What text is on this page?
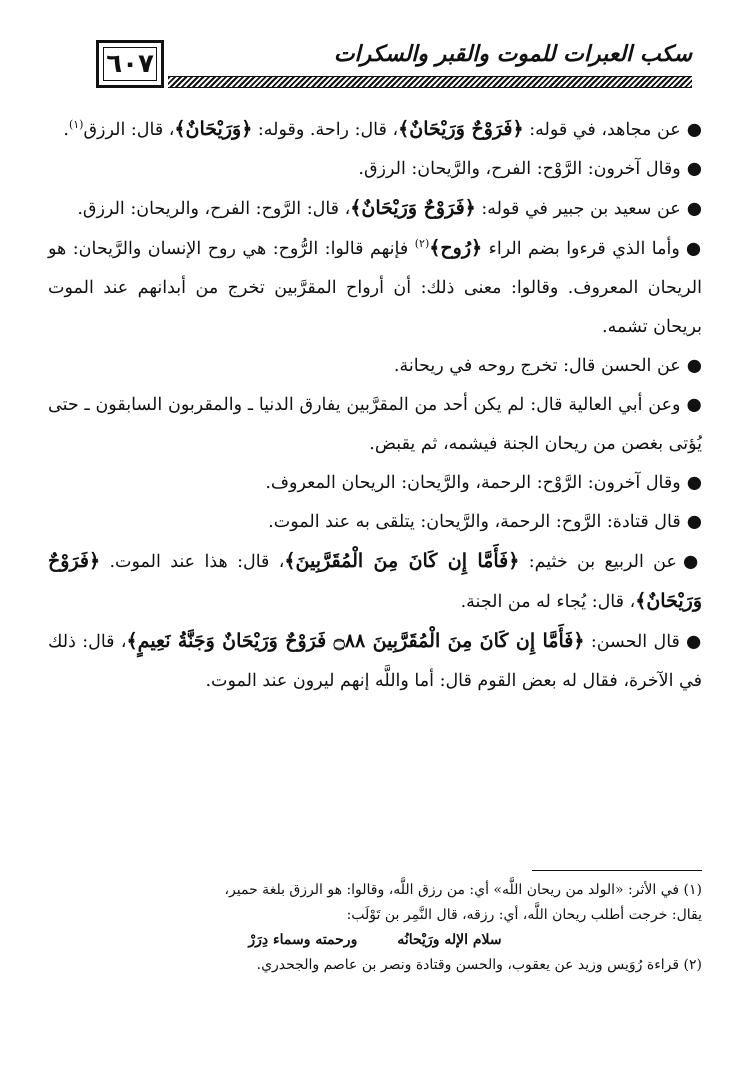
٦٠٧	سكب العبرات للموت والقبر والسكرات

●عن مجاهد، في قوله: ﴿فَرَوْحٌ وَرَيْحَانٌ﴾، قال: راحة. وقوله: ﴿وَرَيْحَانٌ﴾، قال: الرزق$^{(١)}$.

●وقال آخرون: الرَّوْح: الفرح، والرَّيحان: الرزق.

●عن سعيد بن جبير في قوله: ﴿فَرَوْحٌ وَرَيْحَانٌ﴾، قال: الرَّوح: الفرح، والريحان: الرزق.

●وأما الذي قرءوا بضم الراء ﴿رُوح﴾$^{(٢)}$ فإنهم قالوا: الرُّوح: هي روح الإنسان والرَّيحان: هو الريحان المعروف. وقالوا: معنى ذلك: أن أرواح المقرَّبين تخرج من أبدانهم عند الموت بريحان تشمه.

●عن الحسن قال: تخرج روحه في ريحانة.

●وعن أبي العالية قال: لم يكن أحد من المقرَّبين يفارق الدنيا ـ والمقربون السابقون ـ حتى يُؤتى بغصن من ريحان الجنة فيشمه، ثم يقبض.

●وقال آخرون: الرَّوْح: الرحمة، والرَّيحان: الريحان المعروف.

●قال قتادة: الرَّوح: الرحمة، والرَّيحان: يتلقى به عند الموت.

●عن الربيع بن خثيم: ﴿فَأَمَّا إِن كَانَ مِنَ الْمُقَرَّبِينَ﴾، قال: هذا عند الموت. ﴿فَرَوْحٌ وَرَيْحَانٌ﴾، قال: يُجاء له من الجنة.

●قال الحسن: ﴿فَأَمَّا إِن كَانَ مِنَ الْمُقَرَّبِينَ ۝٨٨ فَرَوْحٌ وَرَيْحَانٌ وَجَنَّةُ نَعِيمٍ﴾، قال: ذلك في الآخرة، فقال له بعض القوم قال: أما واللَّه إنهم ليرون عند الموت.

(١) في الأثر: «الولد من ريحان اللَّه» أي: من رزق اللَّه، وقالوا: هو الرزق بلغة حمير،

يقال: خرجت أطلب ريحان اللَّه، أي: رزقه، قال النَّمِر بن تَوْلَب:

سلام الإله ورَيْحانُه
ورحمته وسماء دِرَرْ

(٢) قراءة رُوَيس وزيد عن يعقوب، والحسن وقتادة ونصر بن عاصم والجحدري.
